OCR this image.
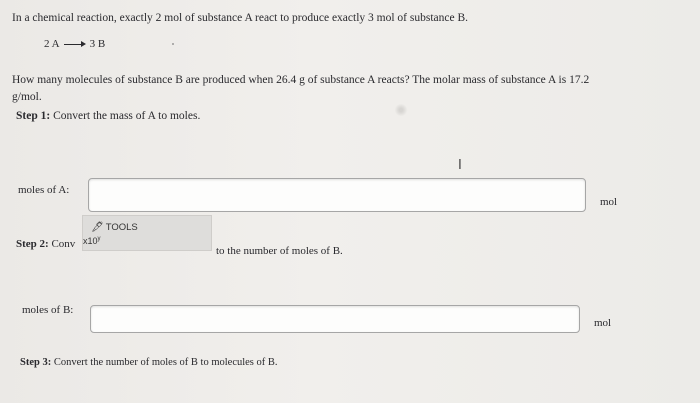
In a chemical reaction, exactly 2 mol of substance A react to produce exactly 3 mol of substance B.
2 A	3 B
How many molecules of substance B are produced when 26.4 g of substance A reacts? The molar mass of substance A is 17.2 g/mol.
Step 1: Convert the mass of A to moles.
I
moles of A:
mol
🖋 TOOLS
x10$^y$
Step 2: Conv
to the number of moles of B.
moles of B:
mol
Step 3: Convert the number of moles of B to molecules of B.
